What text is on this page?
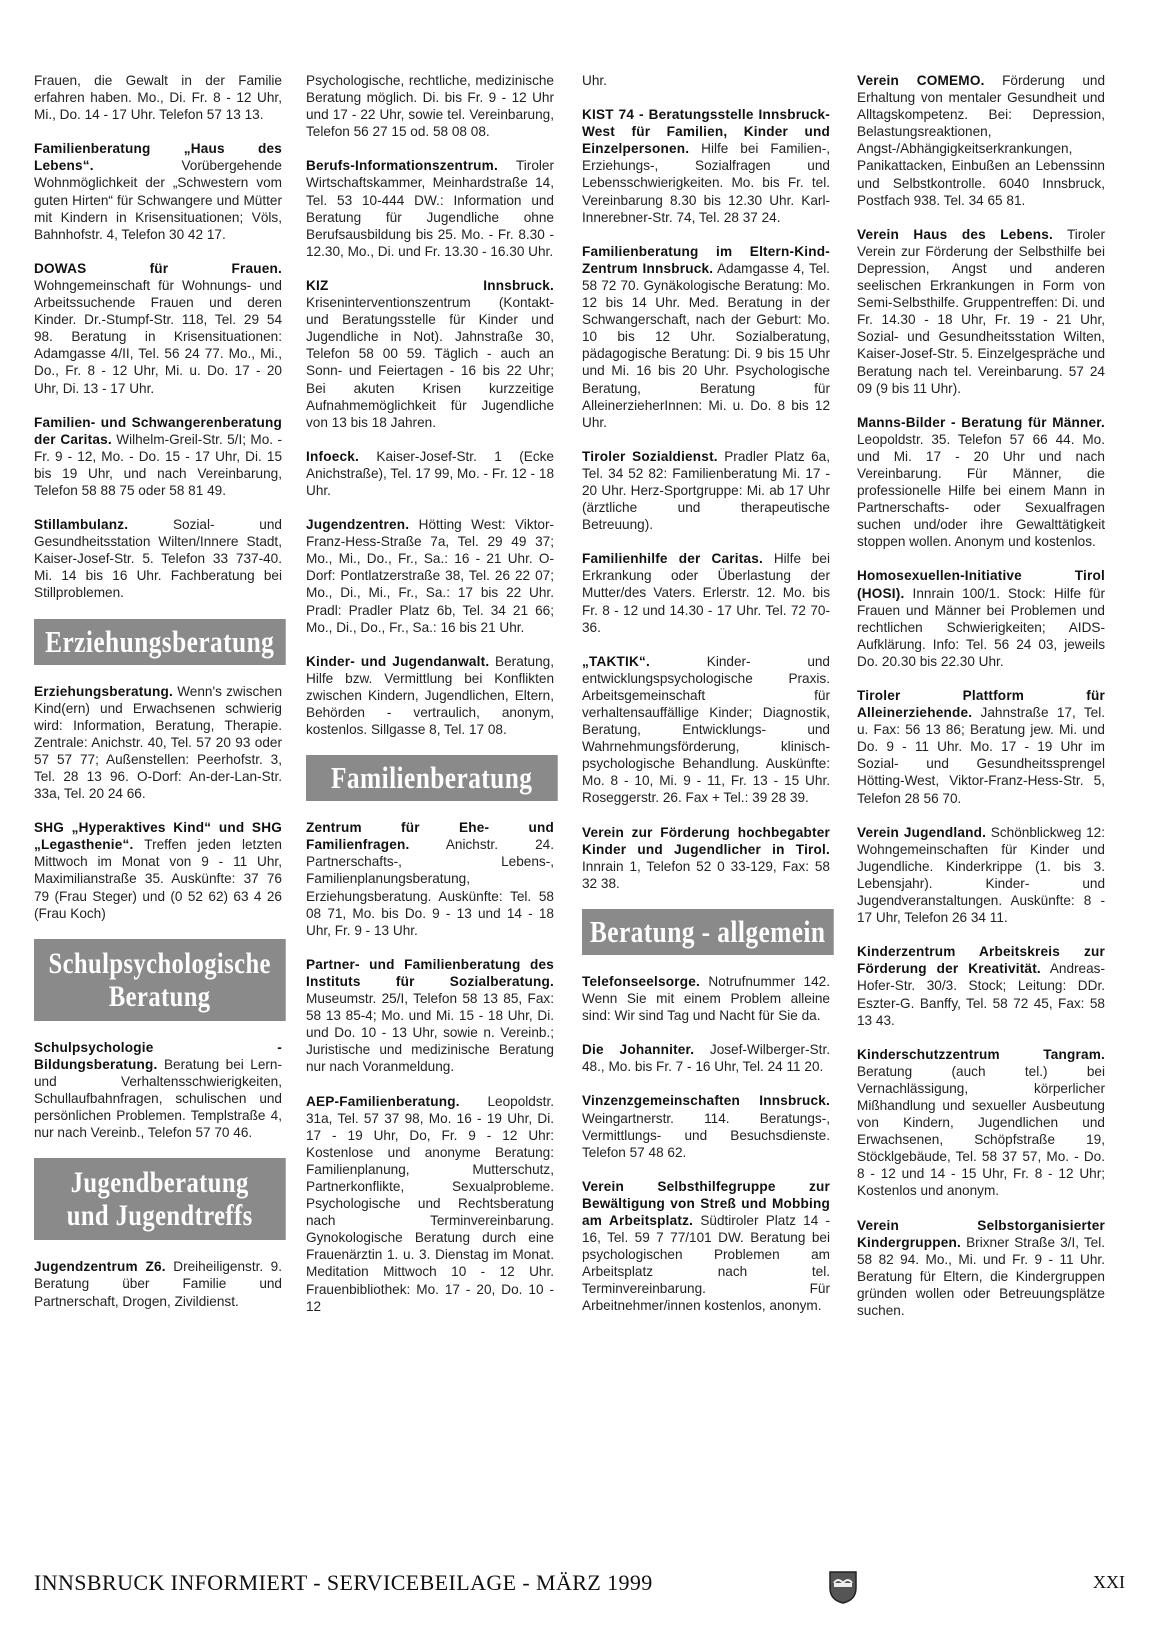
Frauen, die Gewalt in der Familie erfahren haben. Mo., Di. Fr. 8 - 12 Uhr, Mi., Do. 14 - 17 Uhr. Telefon 57 13 13.

Familienberatung „Haus des Lebens“.	Vorübergehende Wohnmöglichkeit der „Schwestern vom guten Hirten“ für Schwangere und Mütter mit Kindern in Krisensituationen; Völs, Bahnhofstr. 4, Telefon 30 42 17.

DOWAS für Frauen. Wohngemeinschaft für Wohnungs- und Arbeitssuchende Frauen und deren Kinder. Dr.-Stumpf-Str. 118, Tel. 29 54 98. Beratung in Krisensituationen: Adamgasse 4/II, Tel. 56 24 77. Mo., Mi., Do., Fr. 8 - 12 Uhr, Mi. u. Do. 17 - 20 Uhr, Di. 13 - 17 Uhr.

Familien- und Schwangerenberatung der Caritas. Wilhelm-Greil-Str. 5/I; Mo. - Fr. 9 - 12, Mo. - Do. 15 - 17 Uhr, Di. 15 bis 19 Uhr, und nach Vereinbarung, Telefon 58 88 75 oder 58 81 49.

Stillambulanz.	Sozial- und Gesundheitsstation Wilten/Innere Stadt, Kaiser-Josef-Str. 5. Telefon 33 737-40. Mi. 14 bis 16 Uhr. Fachberatung bei Stillproblemen.

Erziehungsberatung

Erziehungsberatung. Wenn's zwischen Kind(ern) und Erwachsenen schwierig wird: Information, Beratung, Therapie. Zentrale: Anichstr. 40, Tel. 57 20 93 oder 57 57 77; Außenstellen: Peerhofstr. 3, Tel. 28 13 96. O-Dorf: An-der-Lan-Str. 33a, Tel. 20 24 66.

SHG „Hyperaktives Kind“ und SHG „Legasthenie“. Treffen jeden letzten Mittwoch im Monat von 9 - 11 Uhr, Maximilianstraße 35. Auskünfte: 37 76 79 (Frau Steger) und (0 52 62) 63 4 26 (Frau Koch)

Schulpsychologische
Beratung

Schulpsychologie - Bildungsberatung. Beratung bei Lern- und Verhaltensschwierigkeiten, Schullaufbahnfragen, schulischen und persönlichen Problemen. Templstraße 4, nur nach Vereinb., Telefon 57 70 46.

Jugendberatung
und Jugendtreffs

Jugendzentrum Z6. Dreiheiligenstr. 9. Beratung über Familie und Partnerschaft, Drogen, Zivildienst.

Psychologische, rechtliche, medizinische Beratung möglich. Di. bis Fr. 9 - 12 Uhr und 17 - 22 Uhr, sowie tel. Vereinbarung, Telefon 56 27 15 od. 58 08 08.

Berufs-Informationszentrum. Tiroler Wirtschaftskammer, Meinhardstraße 14, Tel. 53 10-444 DW.: Information und Beratung für Jugendliche ohne Berufsausbildung bis 25. Mo. - Fr. 8.30 - 12.30, Mo., Di. und Fr. 13.30 - 16.30 Uhr.

KIZ Innsbruck. Kriseninterventionszentrum (Kontakt- und Beratungsstelle für Kinder und Jugendliche in Not). Jahnstraße 30, Telefon 58 00 59. Täglich - auch an Sonn- und Feiertagen - 16 bis 22 Uhr; Bei akuten Krisen kurzzeitige Aufnahmemöglichkeit für Jugendliche von 13 bis 18 Jahren.

Infoeck. Kaiser-Josef-Str. 1 (Ecke Anichstraße), Tel. 17 99, Mo. - Fr. 12 - 18 Uhr.

Jugendzentren. Hötting West: Viktor-Franz-Hess-Straße 7a, Tel. 29 49 37; Mo., Mi., Do., Fr., Sa.: 16 - 21 Uhr. O-Dorf: Pontlatzerstraße 38, Tel. 26 22 07; Mo., Di., Mi., Fr., Sa.: 17 bis 22 Uhr. Pradl: Pradler Platz 6b, Tel. 34 21 66; Mo., Di., Do., Fr., Sa.: 16 bis 21 Uhr.

Kinder- und Jugendanwalt. Beratung, Hilfe bzw. Vermittlung bei Konflikten zwischen Kindern, Jugendlichen, Eltern, Behörden - vertraulich, anonym, kostenlos. Sillgasse 8, Tel. 17 08.

Familienberatung

Zentrum für Ehe- und Familienfragen.	Anichstr. 24. Partnerschafts-, Lebens-, Familienplanungsberatung, Erziehungsberatung. Auskünfte: Tel. 58 08 71, Mo. bis Do. 9 - 13 und 14 - 18 Uhr, Fr. 9 - 13 Uhr.

Partner- und Familienberatung des Instituts für Sozialberatung. Museumstr. 25/I, Telefon 58 13 85, Fax: 58 13 85-4; Mo. und Mi. 15 - 18 Uhr, Di. und Do. 10 - 13 Uhr, sowie n. Vereinb.; Juristische und medizinische Beratung nur nach Voranmeldung.

AEP-Familienberatung. Leopoldstr. 31a, Tel. 57 37 98, Mo. 16 - 19 Uhr, Di. 17 - 19 Uhr, Do, Fr. 9 - 12 Uhr: Kostenlose und anonyme Beratung: Familienplanung, Mutterschutz, Partnerkonflikte, Sexualprobleme. Psychologische und Rechtsberatung nach Terminvereinbarung. Gynokologische Beratung durch eine Frauenärztin 1. u. 3. Dienstag im Monat. Meditation Mittwoch 10 - 12 Uhr. Frauenbibliothek: Mo. 17 - 20, Do. 10 - 12

Uhr.

KIST 74 - Beratungsstelle Innsbruck-West für Familien, Kinder und Einzelpersonen. Hilfe bei Familien-, Erziehungs-, Sozialfragen und Lebensschwierigkeiten. Mo. bis Fr. tel. Vereinbarung 8.30 bis 12.30 Uhr. Karl-Innerebner-Str. 74, Tel. 28 37 24.

Familienberatung im Eltern-Kind-Zentrum Innsbruck. Adamgasse 4, Tel. 58 72 70. Gynäkologische Beratung: Mo. 12 bis 14 Uhr. Med. Beratung in der Schwangerschaft, nach der Geburt: Mo. 10 bis 12 Uhr. Sozialberatung, pädagogische Beratung: Di. 9 bis 15 Uhr und Mi. 16 bis 20 Uhr. Psychologische Beratung, Beratung für AlleinerzieherInnen: Mi. u. Do. 8 bis 12 Uhr.

Tiroler Sozialdienst. Pradler Platz 6a, Tel. 34 52 82: Familienberatung Mi. 17 - 20 Uhr. Herz-Sportgruppe: Mi. ab 17 Uhr (ärztliche und therapeutische Betreuung).

Familienhilfe der Caritas. Hilfe bei Erkrankung oder Überlastung der Mutter/des Vaters. Erlerstr. 12. Mo. bis Fr. 8 - 12 und 14.30 - 17 Uhr. Tel. 72 70-36.

„TAKTIK“.	Kinder- und entwicklungspsychologische Praxis. Arbeitsgemeinschaft für verhaltensauffällige Kinder; Diagnostik, Beratung, Entwicklungs- und Wahrnehmungsförderung, klinisch-psychologische Behandlung. Auskünfte: Mo. 8 - 10, Mi. 9 - 11, Fr. 13 - 15 Uhr. Roseggerstr. 26. Fax + Tel.: 39 28 39.

Verein zur Förderung hochbegabter Kinder und Jugendlicher in Tirol. Innrain 1, Telefon 52 0 33-129, Fax: 58 32 38.

Beratung - allgemein

Telefonseelsorge. Notrufnummer 142. Wenn Sie mit einem Problem alleine sind: Wir sind Tag und Nacht für Sie da.

Die Johanniter. Josef-Wilberger-Str. 48., Mo. bis Fr. 7 - 16 Uhr, Tel. 24 11 20.

Vinzenzgemeinschaften Innsbruck. Weingartnerstr. 114. Beratungs-, Vermittlungs- und Besuchsdienste. Telefon 57 48 62.

Verein Selbsthilfegruppe zur Bewältigung von Streß und Mobbing am Arbeitsplatz. Südtiroler Platz 14 - 16, Tel. 59 7 77/101 DW. Beratung bei psychologischen Problemen am Arbeitsplatz nach tel. Terminvereinbarung. Für Arbeitnehmer/innen kostenlos, anonym.

Verein COMEMO. Förderung und Erhaltung von mentaler Gesundheit und Alltagskompetenz. Bei: Depression, Belastungsreaktionen, Angst-/Abhängigkeitserkrankungen, Panikattacken, Einbußen an Lebenssinn und Selbstkontrolle. 6040 Innsbruck, Postfach 938. Tel. 34 65 81.

Verein Haus des Lebens. Tiroler Verein zur Förderung der Selbsthilfe bei Depression, Angst und anderen seelischen Erkrankungen in Form von Semi-Selbsthilfe. Gruppentreffen: Di. und Fr. 14.30 - 18 Uhr, Fr. 19 - 21 Uhr, Sozial- und Gesundheitsstation Wilten, Kaiser-Josef-Str. 5. Einzelgespräche und Beratung nach tel. Vereinbarung. 57 24 09 (9 bis 11 Uhr).

Manns-Bilder - Beratung für Männer. Leopoldstr. 35. Telefon 57 66 44. Mo. und Mi. 17 - 20 Uhr und nach Vereinbarung. Für Männer, die professionelle Hilfe bei einem Mann in Partnerschafts- oder Sexualfragen suchen und/oder ihre Gewalttätigkeit stoppen wollen. Anonym und kostenlos.

Homosexuellen-Initiative Tirol (HOSI). Innrain 100/1. Stock: Hilfe für Frauen und Männer bei Problemen und rechtlichen Schwierigkeiten; AIDS-Aufklärung. Info: Tel. 56 24 03, jeweils Do. 20.30 bis 22.30 Uhr.

Tiroler Plattform für Alleinerziehende. Jahnstraße 17, Tel. u. Fax: 56 13 86; Beratung jew. Mi. und Do. 9 - 11 Uhr. Mo. 17 - 19 Uhr im Sozial- und Gesundheitssprengel Hötting-West, Viktor-Franz-Hess-Str. 5, Telefon 28 56 70.

Verein Jugendland. Schönblickweg 12: Wohngemeinschaften für Kinder und Jugendliche. Kinderkrippe (1. bis 3. Lebensjahr). Kinder- und Jugendveranstaltungen. Auskünfte: 8 - 17 Uhr, Telefon 26 34 11.

Kinderzentrum Arbeitskreis zur Förderung der Kreativität. Andreas-Hofer-Str. 30/3. Stock; Leitung: DDr. Eszter-G. Banffy, Tel. 58 72 45, Fax: 58 13 43.

Kinderschutzzentrum Tangram. Beratung (auch tel.) bei Vernachlässigung, körperlicher Mißhandlung und sexueller Ausbeutung von Kindern, Jugendlichen und Erwachsenen, Schöpfstraße 19, Stöcklgebäude, Tel. 58 37 57, Mo. - Do. 8 - 12 und 14 - 15 Uhr, Fr. 8 - 12 Uhr; Kostenlos und anonym.

Verein Selbstorganisierter Kindergruppen. Brixner Straße 3/I, Tel. 58 82 94. Mo., Mi. und Fr. 9 - 11 Uhr. Beratung für Eltern, die Kindergruppen gründen wollen oder Betreuungsplätze suchen.

INNSBRUCK INFORMIERT - SERVICEBEILAGE - MÄRZ 1999	XXI
